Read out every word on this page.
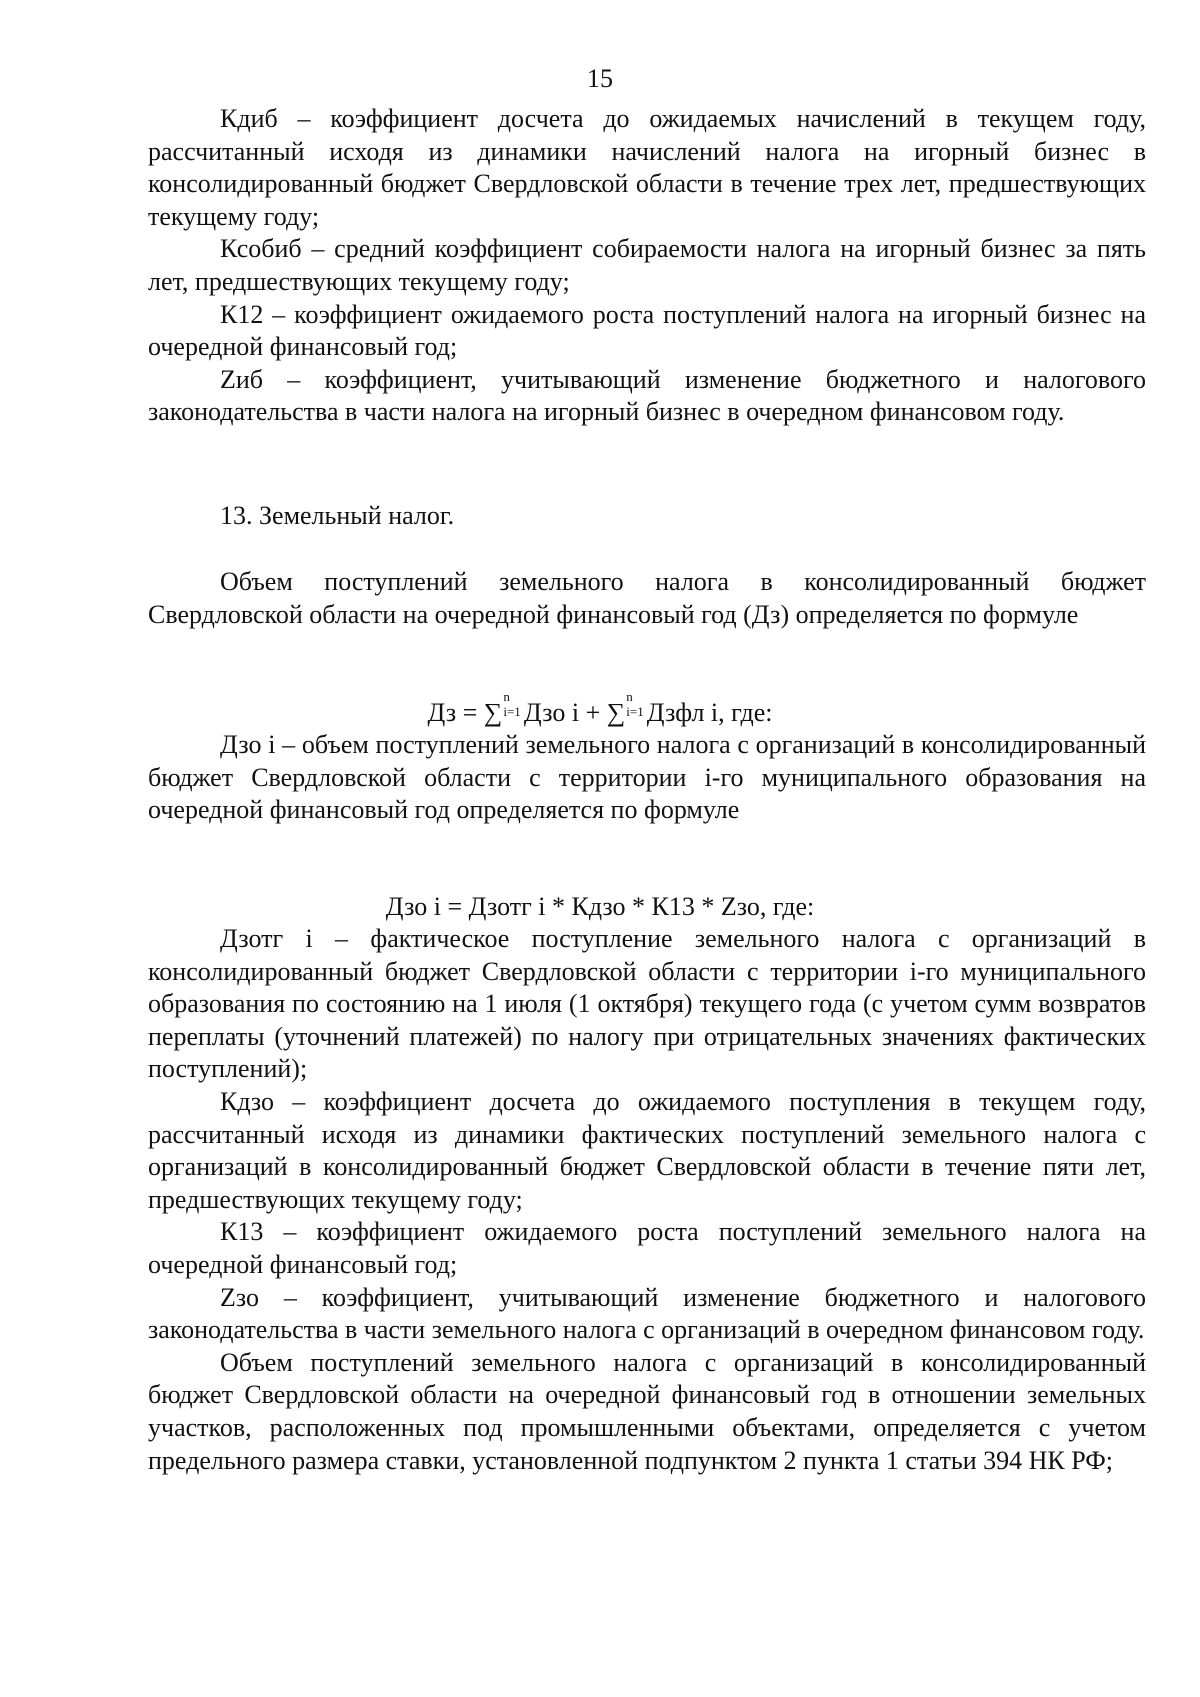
15

Кдиб – коэффициент досчета до ожидаемых начислений в текущем году, рассчитанный исходя из динамики начислений налога на игорный бизнес в консолидированный бюджет Свердловской области в течение трех лет, предшествующих текущему году;

Ксобиб – средний коэффициент собираемости налога на игорный бизнес за пять лет, предшествующих текущему году;

К12 – коэффициент ожидаемого роста поступлений налога на игорный бизнес на очередной финансовый год;

Zиб – коэффициент, учитывающий изменение бюджетного и налогового законодательства в части налога на игорный бизнес в очередном финансовом году.

13. Земельный налог.

Объем поступлений земельного налога в консолидированный бюджет Свердловской области на очередной финансовый год (Дз) определяется по формуле

Дз = ∑
n
i=1
Дзо i + ∑
n
i=1
Дзфл i, где:

Дзо i – объем поступлений земельного налога с организаций в консолидированный бюджет Свердловской области с территории i-го муниципального образования на очередной финансовый год определяется по формуле

Дзо i = Дзотг i * Кдзо * К13 * Zзо, где:

Дзотг i – фактическое поступление земельного налога с организаций в консолидированный бюджет Свердловской области с территории i-го муниципального образования по состоянию на 1 июля (1 октября) текущего года (с учетом сумм возвратов переплаты (уточнений платежей) по налогу при отрицательных значениях фактических поступлений);

Кдзо – коэффициент досчета до ожидаемого поступления в текущем году, рассчитанный исходя из динамики фактических поступлений земельного налога с организаций в консолидированный бюджет Свердловской области в течение пяти лет, предшествующих текущему году;

К13 – коэффициент ожидаемого роста поступлений земельного налога на очередной финансовый год;

Zзо – коэффициент, учитывающий изменение бюджетного и налогового законодательства в части земельного налога с организаций в очередном финансовом году.

Объем поступлений земельного налога с организаций в консолидированный бюджет Свердловской области на очередной финансовый год в отношении земельных участков, расположенных под промышленными объектами, определяется с учетом предельного размера ставки, установленной подпунктом 2 пункта 1 статьи 394 НК РФ;
